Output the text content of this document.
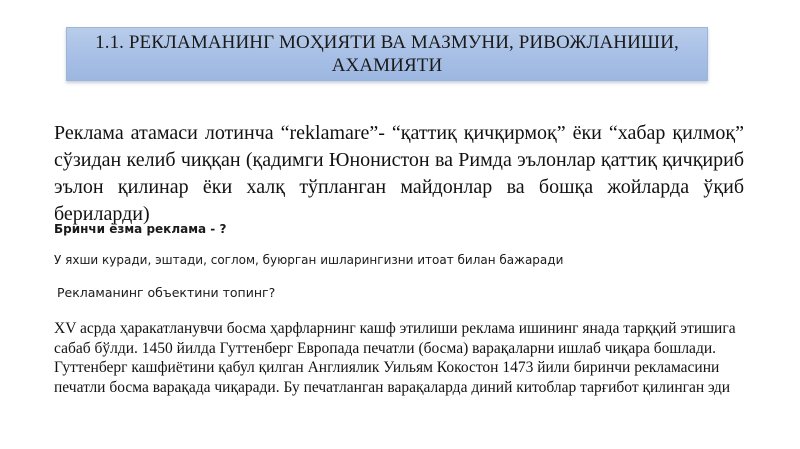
1.1. РЕКЛАМАНИНГ МОҲИЯТИ ВА МАЗМУНИ, РИВОЖЛАНИШИ, АХАМИЯТИ

Реклама атамаси лотинча “reklamare”- “қаттиқ қичқирмоқ” ёки “хабар қилмоқ” сўзидан келиб чиққан (қадимги Юнонистон ва Римда эълонлар қаттиқ қичқириб эълон қилинар ёки халқ тўпланган майдонлар ва бошқа жойларда ўқиб бериларди)

Бринчи ёзма реклама - ?

У яхши куради, эштади, соглом, буюрган ишларингизни итоат билан бажаради

Рекламанинг объектини топинг?

XV асрда ҳаракатланувчи босма ҳарфларнинг кашф этилиши реклама ишининг янада тарққий этишига сабаб бўлди. 1450 йилда Гуттенберг Европада печатли (босма) варақаларни ишлаб чиқара бошлади. Гуттенберг кашфиётини қабул қилган Англиялик Уильям Кокостон 1473 йили биринчи рекламасини печатли босма варақада чиқаради. Бу печатланган варақаларда диний китоблар тарғибот қилинган эди
